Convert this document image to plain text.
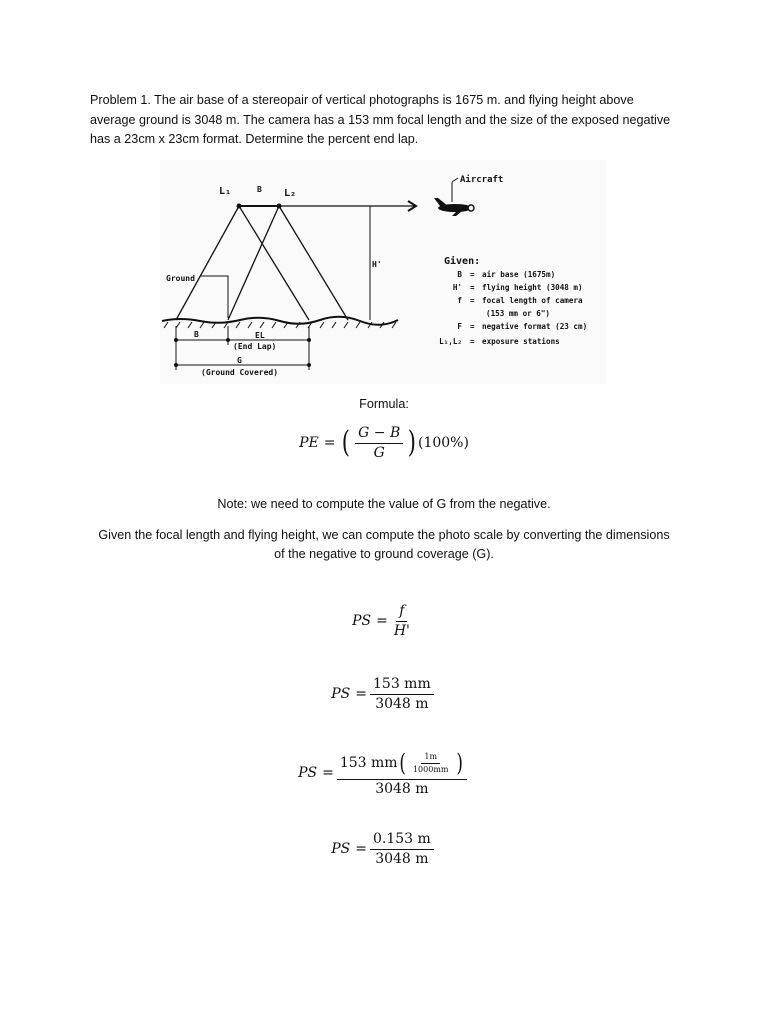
Problem 1. The air base of a stereopair of vertical photographs is 1675 m. and flying height above
average ground is 3048 m. The camera has a 153 mm focal length and the size of the exposed negative
has a 23cm x 23cm format. Determine the percent end lap.
L₁	B L₂
Aircraft
H'
Ground
B	EL
(End Lap)
G
(Ground Covered)
Given:
B = air base (1675m)
H' = flying height (3048 m)
f = focal length of camera
(153 mm or 6")
F = negative format (23 cm)
L₁,L₂ = exposure stations

Formula:

PE = ( $\frac{G - B}{G}$ ) (100%)

Note: we need to compute the value of G from the negative.

Given the focal length and flying height, we can compute the photo scale by converting the dimensions
of the negative to ground coverage (G).
PS = $\frac{f}{H'}$
PS = $\frac{153 mm}{3048 m}$
PS =
153 mm ( $\frac{1m}{1000mm}$ )
3048 m
PS = $\frac{0.153 m}{3048 m}$
